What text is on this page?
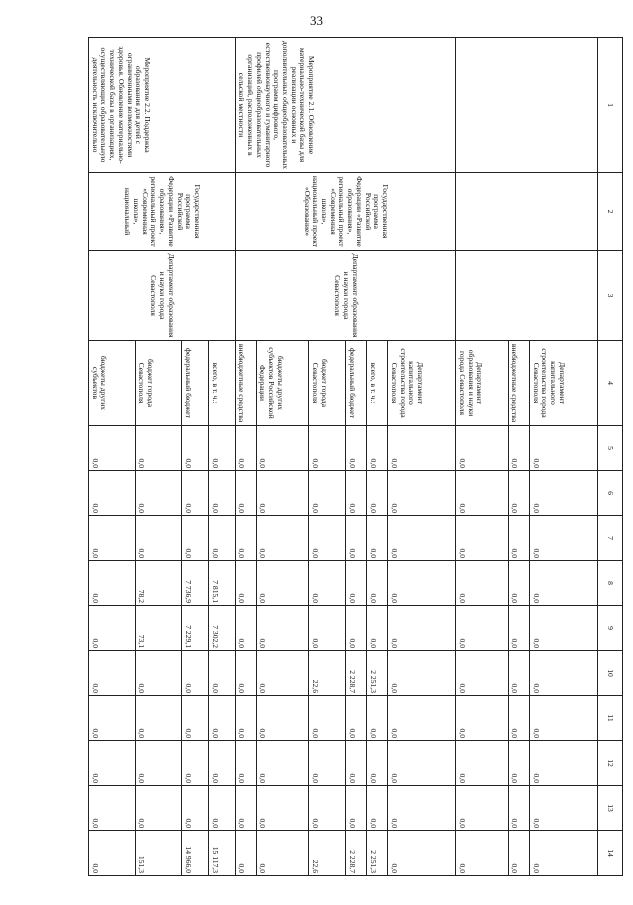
33
1	2	3	4	5	6	7	8	9	10	11	12	13	14
			Департамент капитального строительства города Севастополя	0,0	0,0	0,0	0,0	0,0	0,0	0,0	0,0	0,0	0,0
			внебюджетные средства	0,0	0,0	0,0	0,0	0,0	0,0	0,0	0,0	0,0	0,0
			Департамент образования и науки города Севастополя	0,0	0,0	0,0	0,0	0,0	0,0	0,0	0,0	0,0	0,0
Мероприятие 2.1. Обновление материально-технической базы для реализации основных и дополнительных общеобразовательных программ цифрового, естественнонаучного и гуманитарного профилей общеобразовательных организаций, расположенных в сельской местности	Государственная программа Российской Федерации «Развитие образования», региональный проект «Современная школа», национальный проект «Образование»	Департамент образования и науки города Севастополя	Департамент капитального строительства города Севастополя	0,0	0,0	0,0	0,0	0,0	0,0	0,0	0,0	0,0	0,0
			всего, в т. ч.:	0,0	0,0	0,0	0,0	0,0	2 251,3	0,0	0,0	0,0	2 251,3
			федеральный бюджет	0,0	0,0	0,0	0,0	0,0	2 228,7	0,0	0,0	0,0	2 228,7
			бюджет города Севастополя	0,0	0,0	0,0	0,0	0,0	22,6	0,0	0,0	0,0	22,6
			бюджеты других субъектов Российской Федерации	0,0	0,0	0,0	0,0	0,0	0,0	0,0	0,0	0,0	0,0
			внебюджетные средства	0,0	0,0	0,0	0,0	0,0	0,0	0,0	0,0	0,0	0,0
Мероприятие 2.2. Поддержка образования для детей с ограниченными возможностями здоровья. Обновление материально-технической базы в организациях, осуществляющих образовательную деятельность исключительно	Государственная программа Российской Федерации «Развитие образования», региональный проект «Современная школа», национальный	Департамент образования и науки города Севастополя	всего, в т. ч.:	0,0	0,0	0,0	7 815,1	7 302,2	0,0	0,0	0,0	0,0	15 117,3
			федеральный бюджет	0,0	0,0	0,0	7 736,9	7 229,1	0,0	0,0	0,0	0,0	14 966,0
			бюджет города Севастополя	0,0	0,0	0,0	78,2	73,1	0,0	0,0	0,0	0,0	151,3
			бюджеты других субъектов	0,0	0,0	0,0	0,0	0,0	0,0	0,0	0,0	0,0	0,0
